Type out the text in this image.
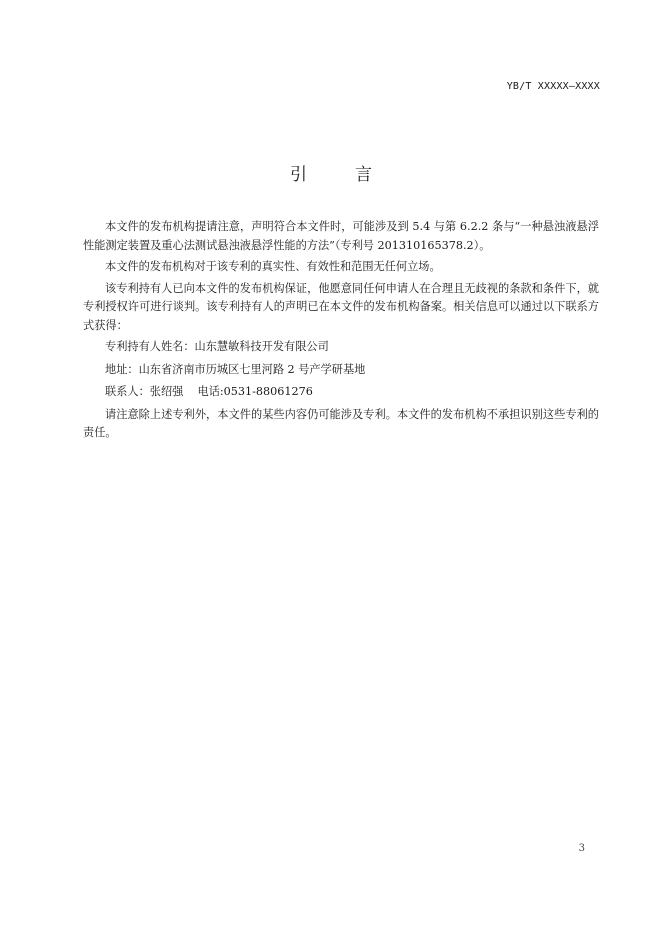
YB/T XXXXX—XXXX
引言

本文件的发布机构提请注意，声明符合本文件时，可能涉及到 5.4 与第 6.2.2 条与“一种悬浊液悬浮性能测定装置及重心法测试悬浊液悬浮性能的方法”（专利号 201310165378.2）。

本文件的发布机构对于该专利的真实性、有效性和范围无任何立场。

该专利持有人已向本文件的发布机构保证，他愿意同任何申请人在合理且无歧视的条款和条件下，就专利授权许可进行谈判。该专利持有人的声明已在本文件的发布机构备案。相关信息可以通过以下联系方式获得：

专利持有人姓名：山东慧敏科技开发有限公司

地址：山东省济南市历城区七里河路 2 号产学研基地

联系人：张绍强    电话:0531-88061276

请注意除上述专利外，本文件的某些内容仍可能涉及专利。本文件的发布机构不承担识别这些专利的责任。

3
